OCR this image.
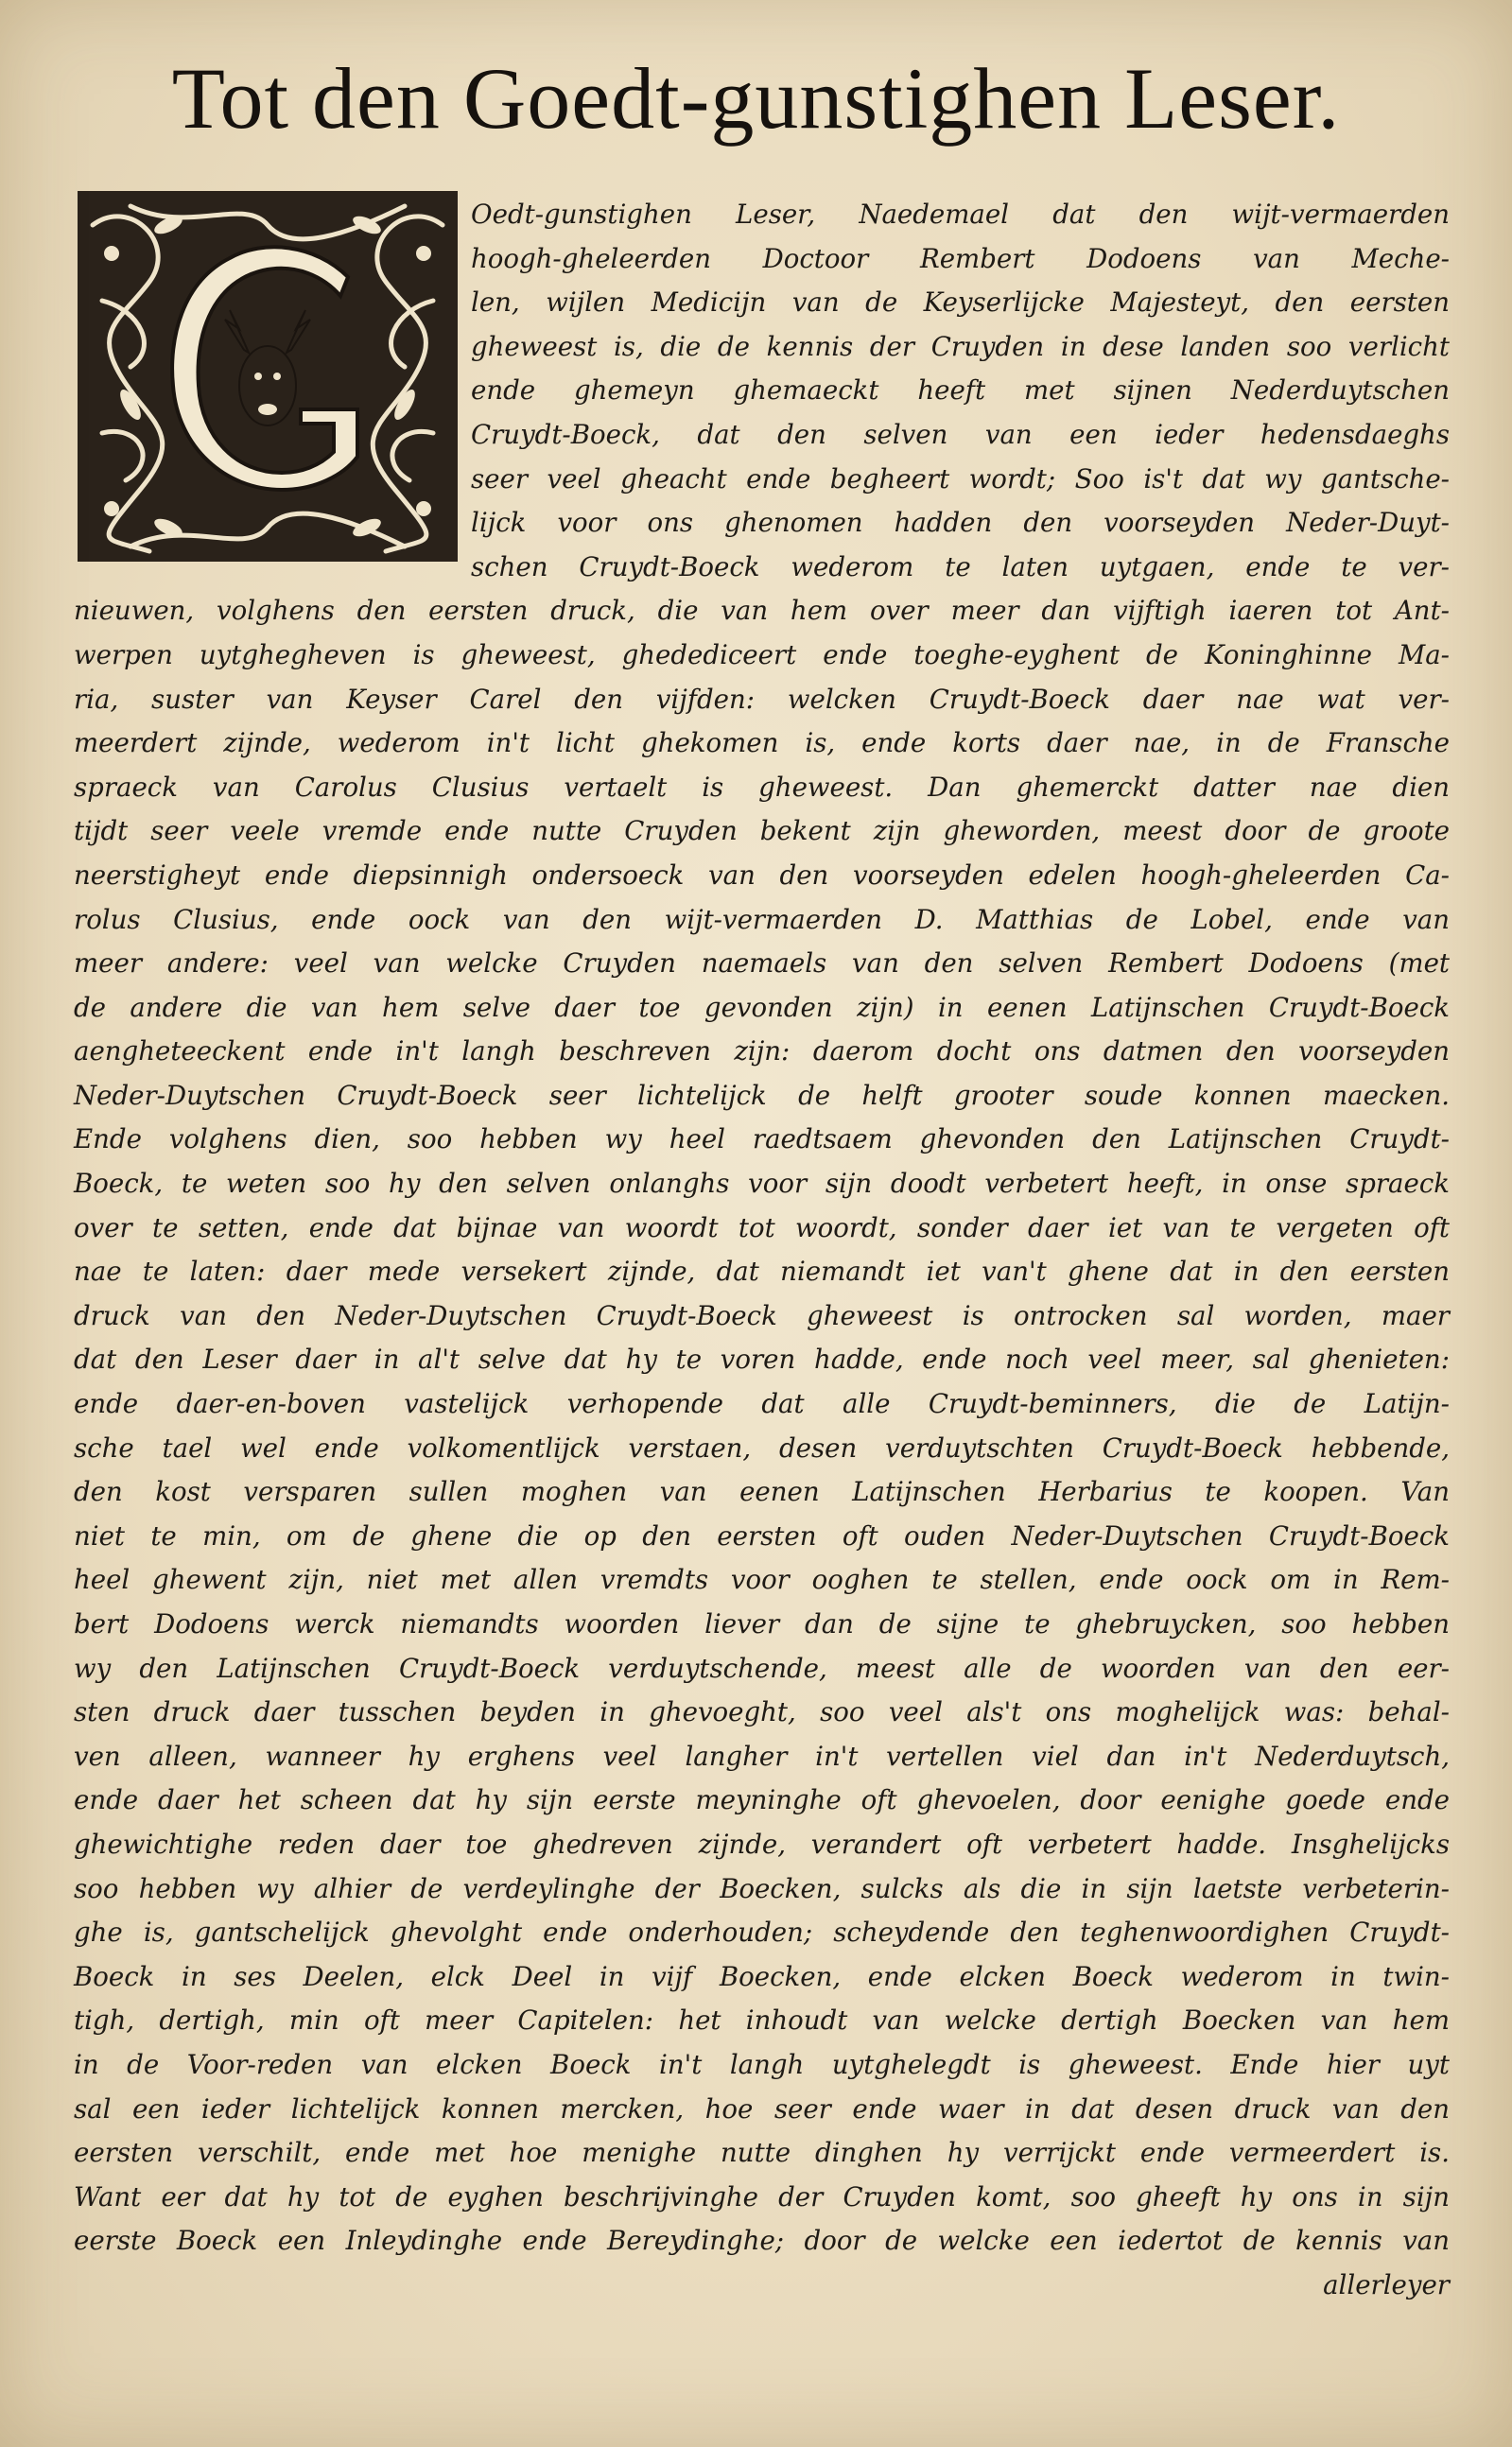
Tot den Goedt-gunstighen Leser.
Oedt-gunstighen Leser, Naedemael dat den wijt-vermaerden
hoogh-gheleerden Doctoor Rembert Dodoens van Meche-
len, wijlen Medicijn van de Keyserlijcke Majesteyt, den eersten
gheweest is, die de kennis der Cruyden in dese landen soo verlicht
ende ghemeyn ghemaeckt heeft met sijnen Nederduytschen
Cruydt-Boeck, dat den selven van een ieder hedensdaeghs
seer veel gheacht ende begheert wordt; Soo is't dat wy gantsche-
lijck voor ons ghenomen hadden den voorseyden Neder-Duyt-
schen Cruydt-Boeck wederom te laten uytgaen, ende te ver-
nieuwen, volghens den eersten druck, die van hem over meer dan vijftigh iaeren tot Ant-
werpen uytghegheven is gheweest, ghedediceert ende toeghe-eyghent de Koninghinne Ma-
ria, suster van Keyser Carel den vijfden: welcken Cruydt-Boeck daer nae wat ver-
meerdert zijnde, wederom in't licht ghekomen is, ende korts daer nae, in de Fransche
spraeck van Carolus Clusius vertaelt is gheweest. Dan ghemerckt datter nae dien
tijdt seer veele vremde ende nutte Cruyden bekent zijn gheworden, meest door de groote
neerstigheyt ende diepsinnigh ondersoeck van den voorseyden edelen hoogh-gheleerden Ca-
rolus Clusius, ende oock van den wijt-vermaerden D. Matthias de Lobel, ende van
meer andere: veel van welcke Cruyden naemaels van den selven Rembert Dodoens (met
de andere die van hem selve daer toe gevonden zijn) in eenen Latijnschen Cruydt-Boeck
aengheteeckent ende in't langh beschreven zijn: daerom docht ons datmen den voorseyden
Neder-Duytschen Cruydt-Boeck seer lichtelijck de helft grooter soude konnen maecken.
Ende volghens dien, soo hebben wy heel raedtsaem ghevonden den Latijnschen Cruydt-
Boeck, te weten soo hy den selven onlanghs voor sijn doodt verbetert heeft, in onse spraeck
over te setten, ende dat bijnae van woordt tot woordt, sonder daer iet van te vergeten oft
nae te laten: daer mede versekert zijnde, dat niemandt iet van't ghene dat in den eersten
druck van den Neder-Duytschen Cruydt-Boeck gheweest is ontrocken sal worden, maer
dat den Leser daer in al't selve dat hy te voren hadde, ende noch veel meer, sal ghenieten:
ende daer-en-boven vastelijck verhopende dat alle Cruydt-beminners, die de Latijn-
sche tael wel ende volkomentlijck verstaen, desen verduytschten Cruydt-Boeck hebbende,
den kost versparen sullen moghen van eenen Latijnschen Herbarius te koopen. Van
niet te min, om de ghene die op den eersten oft ouden Neder-Duytschen Cruydt-Boeck
heel ghewent zijn, niet met allen vremdts voor ooghen te stellen, ende oock om in Rem-
bert Dodoens werck niemandts woorden liever dan de sijne te ghebruycken, soo hebben
wy den Latijnschen Cruydt-Boeck verduytschende, meest alle de woorden van den eer-
sten druck daer tusschen beyden in ghevoeght, soo veel als't ons moghelijck was: behal-
ven alleen, wanneer hy erghens veel langher in't vertellen viel dan in't Nederduytsch,
ende daer het scheen dat hy sijn eerste meyninghe oft ghevoelen, door eenighe goede ende
ghewichtighe reden daer toe ghedreven zijnde, verandert oft verbetert hadde. Insghelijcks
soo hebben wy alhier de verdeylinghe der Boecken, sulcks als die in sijn laetste verbeterin-
ghe is, gantschelijck ghevolght ende onderhouden; scheydende den teghenwoordighen Cruydt-
Boeck in ses Deelen, elck Deel in vijf Boecken, ende elcken Boeck wederom in twin-
tigh, dertigh, min oft meer Capitelen: het inhoudt van welcke dertigh Boecken van hem
in de Voor-reden van elcken Boeck in't langh uytghelegdt is gheweest. Ende hier uyt
sal een ieder lichtelijck konnen mercken, hoe seer ende waer in dat desen druck van den
eersten verschilt, ende met hoe menighe nutte dinghen hy verrijckt ende vermeerdert is.
Want eer dat hy tot de eyghen beschrijvinghe der Cruyden komt, soo gheeft hy ons in sijn
eerste Boeck een Inleydinghe ende Bereydinghe; door de welcke een iedertot de kennis van
allerleyer
